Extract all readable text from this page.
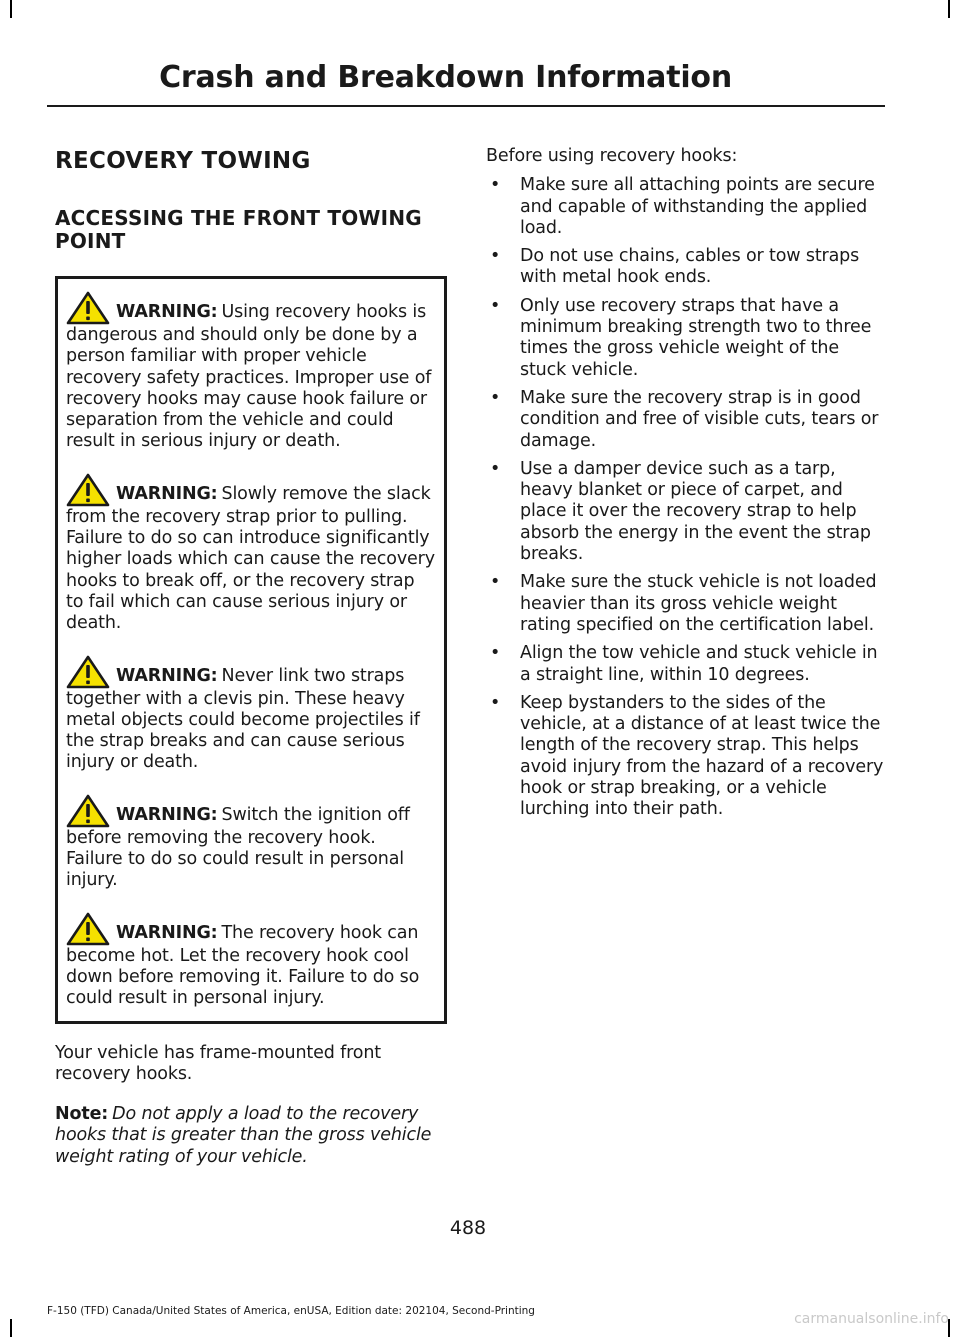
Crash and Breakdown Information
RECOVERY TOWING
ACCESSING THE FRONT TOWING POINT

WARNING: Using recovery hooks is dangerous and should only be done by a person familiar with proper vehicle recovery safety practices. Improper use of recovery hooks may cause hook failure or separation from the vehicle and could result in serious injury or death.

WARNING: Slowly remove the slack from the recovery strap prior to pulling. Failure to do so can introduce significantly higher loads which can cause the recovery hooks to break off, or the recovery strap to fail which can cause serious injury or death.

WARNING: Never link two straps together with a clevis pin. These heavy metal objects could become projectiles if the strap breaks and can cause serious injury or death.

WARNING: Switch the ignition off before removing the recovery hook. Failure to do so could result in personal injury.

WARNING: The recovery hook can become hot. Let the recovery hook cool down before removing it. Failure to do so could result in personal injury.

Your vehicle has frame-mounted front recovery hooks.

Note: Do not apply a load to the recovery hooks that is greater than the gross vehicle weight rating of your vehicle.

Before using recovery hooks:

• Make sure all attaching points are secure and capable of withstanding the applied load.
• Do not use chains, cables or tow straps with metal hook ends.
• Only use recovery straps that have a minimum breaking strength two to three times the gross vehicle weight of the stuck vehicle.
• Make sure the recovery strap is in good condition and free of visible cuts, tears or damage.
• Use a damper device such as a tarp, heavy blanket or piece of carpet, and place it over the recovery strap to help absorb the energy in the event the strap breaks.
• Make sure the stuck vehicle is not loaded heavier than its gross vehicle weight rating specified on the certification label.
• Align the tow vehicle and stuck vehicle in a straight line, within 10 degrees.
• Keep bystanders to the sides of the vehicle, at a distance of at least twice the length of the recovery strap. This helps avoid injury from the hazard of a recovery hook or strap breaking, or a vehicle lurching into their path.
488
F-150 (TFD) Canada/United States of America, enUSA, Edition date: 202104, Second-Printing	carmanualsonline.info
